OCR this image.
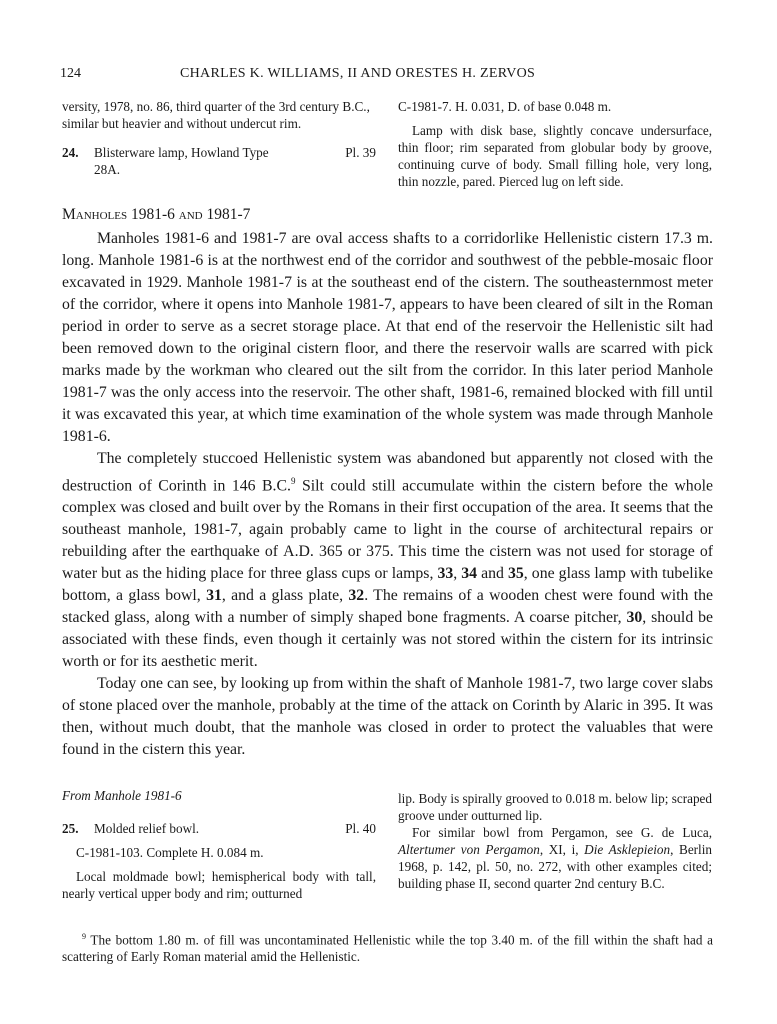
124	CHARLES K. WILLIAMS, II AND ORESTES H. ZERVOS

versity, 1978, no. 86, third quarter of the 3rd century B.C., similar but heavier and without undercut rim.

24.	Blisterware lamp, Howland Type	Pl. 39

28A.

C-1981-7. H. 0.031, D. of base 0.048 m.

Lamp with disk base, slightly concave undersurface, thin floor; rim separated from globular body by groove, continuing curve of body. Small filling hole, very long, thin nozzle, pared. Pierced lug on left side.

Manholes 1981-6 and 1981-7

Manholes 1981-6 and 1981-7 are oval access shafts to a corridorlike Hellenistic cistern 17.3 m. long. Manhole 1981-6 is at the northwest end of the corridor and southwest of the pebble-mosaic floor excavated in 1929. Manhole 1981-7 is at the southeast end of the cistern. The southeasternmost meter of the corridor, where it opens into Manhole 1981-7, appears to have been cleared of silt in the Roman period in order to serve as a secret storage place. At that end of the reservoir the Hellenistic silt had been removed down to the original cistern floor, and there the reservoir walls are scarred with pick marks made by the workman who cleared out the silt from the corridor. In this later period Manhole 1981-7 was the only access into the reservoir. The other shaft, 1981-6, remained blocked with fill until it was excavated this year, at which time examination of the whole system was made through Manhole 1981-6.

The completely stuccoed Hellenistic system was abandoned but apparently not closed with the destruction of Corinth in 146 B.C.$^9$ Silt could still accumulate within the cistern before the whole complex was closed and built over by the Romans in their first occupation of the area. It seems that the southeast manhole, 1981-7, again probably came to light in the course of architectural repairs or rebuilding after the earthquake of A.D. 365 or 375. This time the cistern was not used for storage of water but as the hiding place for three glass cups or lamps, 33, 34 and 35, one glass lamp with tubelike bottom, a glass bowl, 31, and a glass plate, 32. The remains of a wooden chest were found with the stacked glass, along with a number of simply shaped bone fragments. A coarse pitcher, 30, should be associated with these finds, even though it certainly was not stored within the cistern for its intrinsic worth or for its aesthetic merit.

Today one can see, by looking up from within the shaft of Manhole 1981-7, two large cover slabs of stone placed over the manhole, probably at the time of the attack on Corinth by Alaric in 395. It was then, without much doubt, that the manhole was closed in order to protect the valuables that were found in the cistern this year.

From Manhole 1981-6
25.	Molded relief bowl.	Pl. 40

C-1981-103. Complete H. 0.084 m.

Local moldmade bowl; hemispherical body with tall, nearly vertical upper body and rim; outturned

lip. Body is spirally grooved to 0.018 m. below lip; scraped groove under outturned lip.

For similar bowl from Pergamon, see G. de Luca, Altertumer von Pergamon, XI, i, Die Asklepieion, Berlin 1968, p. 142, pl. 50, no. 272, with other examples cited; building phase II, second quarter 2nd century B.C.

$^9$ The bottom 1.80 m. of fill was uncontaminated Hellenistic while the top 3.40 m. of the fill within the shaft had a scattering of Early Roman material amid the Hellenistic.
